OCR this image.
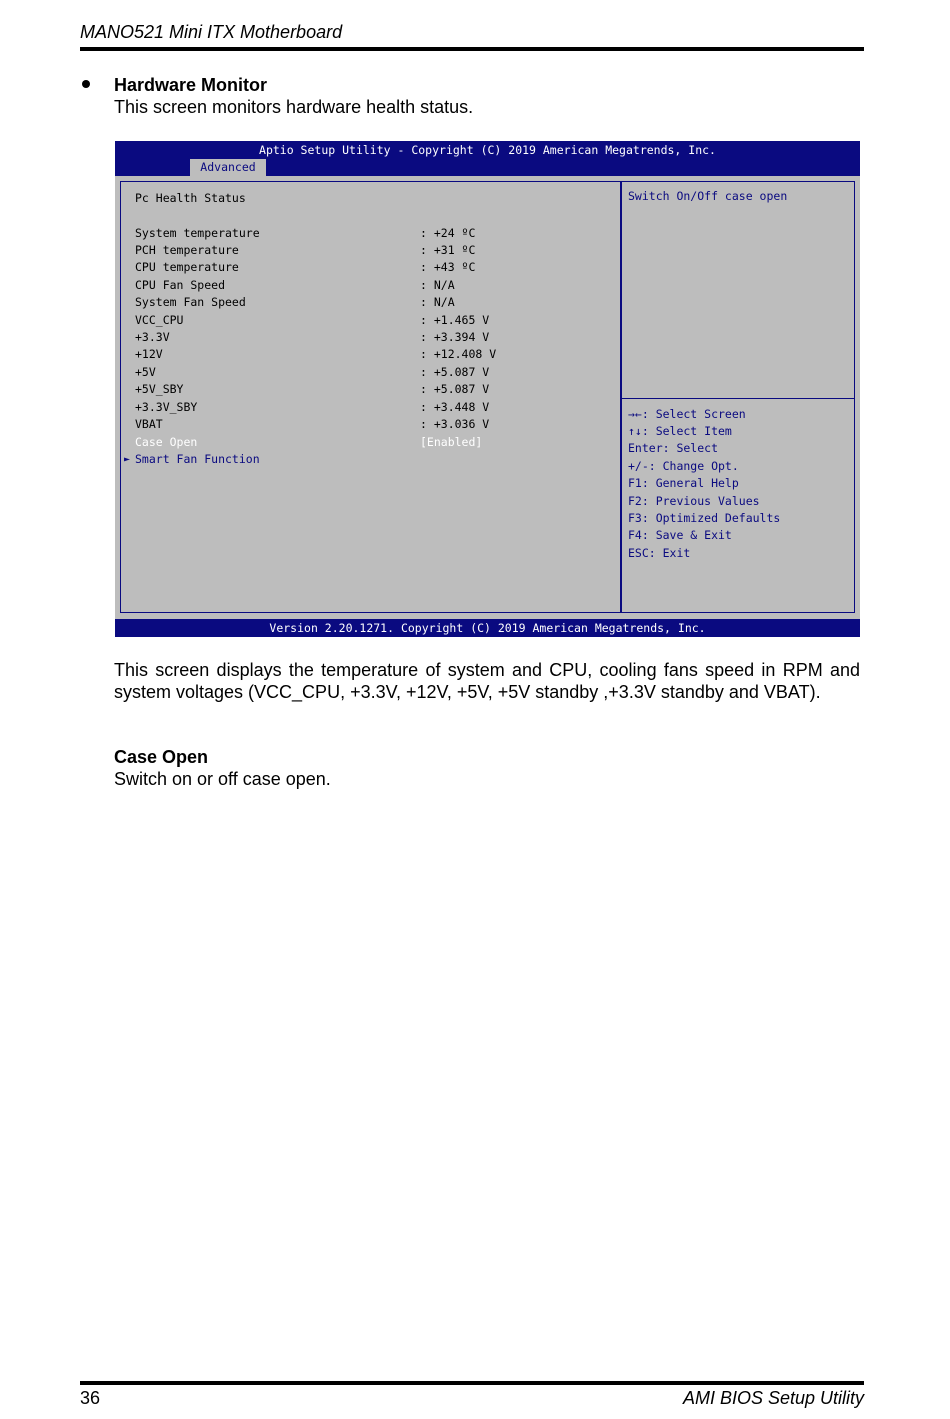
MANO521 Mini ITX Motherboard
Hardware Monitor
This screen monitors hardware health status.
Aptio Setup Utility - Copyright (C) 2019 American Megatrends, Inc.
Advanced
Pc Health Status
System temperature	: +24 ºC
PCH temperature	: +31 ºC
CPU temperature	: +43 ºC
CPU Fan Speed	: N/A
System Fan Speed	: N/A
VCC_CPU	: +1.465 V
+3.3V	: +3.394 V
+12V	: +12.408 V
+5V	: +5.087 V
+5V_SBY	: +5.087 V
+3.3V_SBY	: +3.448 V
VBAT	: +3.036 V
Case Open	[Enabled]
► Smart Fan Function
Switch On/Off case open
→←: Select Screen
↑↓: Select Item
Enter: Select
+/-: Change Opt.
F1: General Help
F2: Previous Values
F3: Optimized Defaults
F4: Save & Exit
ESC: Exit
Version 2.20.1271. Copyright (C) 2019 American Megatrends, Inc.
This screen displays the temperature of system and CPU, cooling fans speed in RPM and system voltages (VCC_CPU, +3.3V, +12V, +5V, +5V standby ,+3.3V standby and VBAT).
Case Open
Switch on or off case open.
36	AMI BIOS Setup Utility
